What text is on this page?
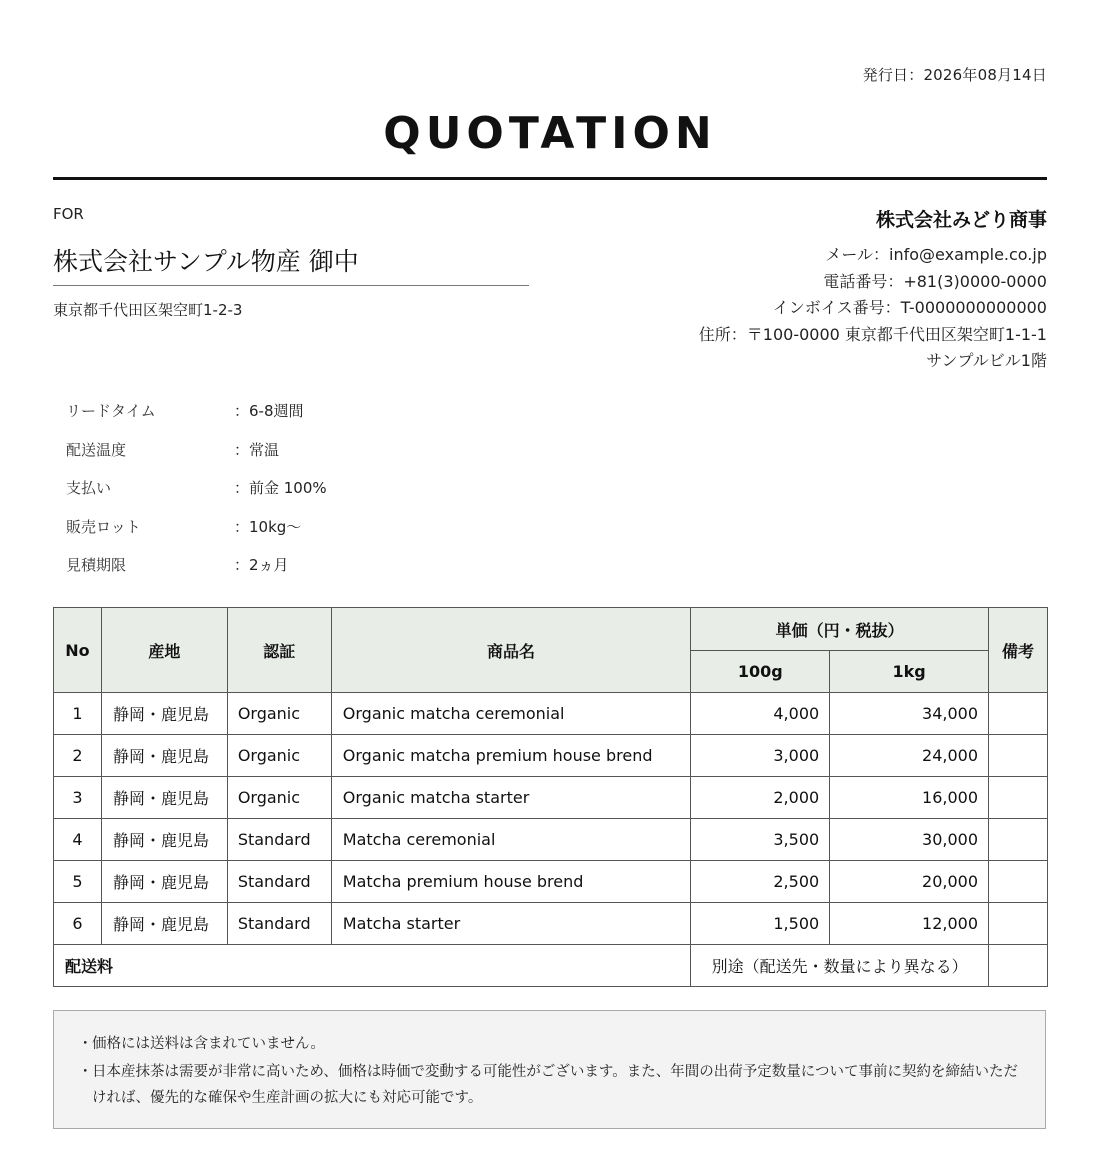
発行日：2026年08月14日
QUOTATION
FOR
株式会社サンプル物産 御中
東京都千代田区架空町1-2-3
株式会社みどり商事
メール：info@example.co.jp
電話番号：+81(3)0000-0000
インボイス番号：T-0000000000000
住所：〒100-0000 東京都千代田区架空町1-1-1
サンプルビル1階
リードタイム	：6-8週間
配送温度	：常温
支払い	：前金 100%
販売ロット	：10kg〜
見積期限	：2ヵ月
No	産地	認証	商品名	単価（円・税抜）		備考
				100g	1kg	
1	静岡・鹿児島	Organic	Organic matcha ceremonial	4,000	34,000	
2	静岡・鹿児島	Organic	Organic matcha premium house brend	3,000	24,000	
3	静岡・鹿児島	Organic	Organic matcha starter	2,000	16,000	
4	静岡・鹿児島	Standard	Matcha ceremonial	3,500	30,000	
5	静岡・鹿児島	Standard	Matcha premium house brend	2,500	20,000	
6	静岡・鹿児島	Standard	Matcha starter	1,500	12,000	
配送料				別途（配送先・数量により異なる）		
・ 価格には送料は含まれていません。
・ 日本産抹茶は需要が非常に高いため、価格は時価で変動する可能性がございます。また、年間の出荷予定数量について事前に契約を締結いただければ、優先的な確保や生産計画の拡大にも対応可能です。
